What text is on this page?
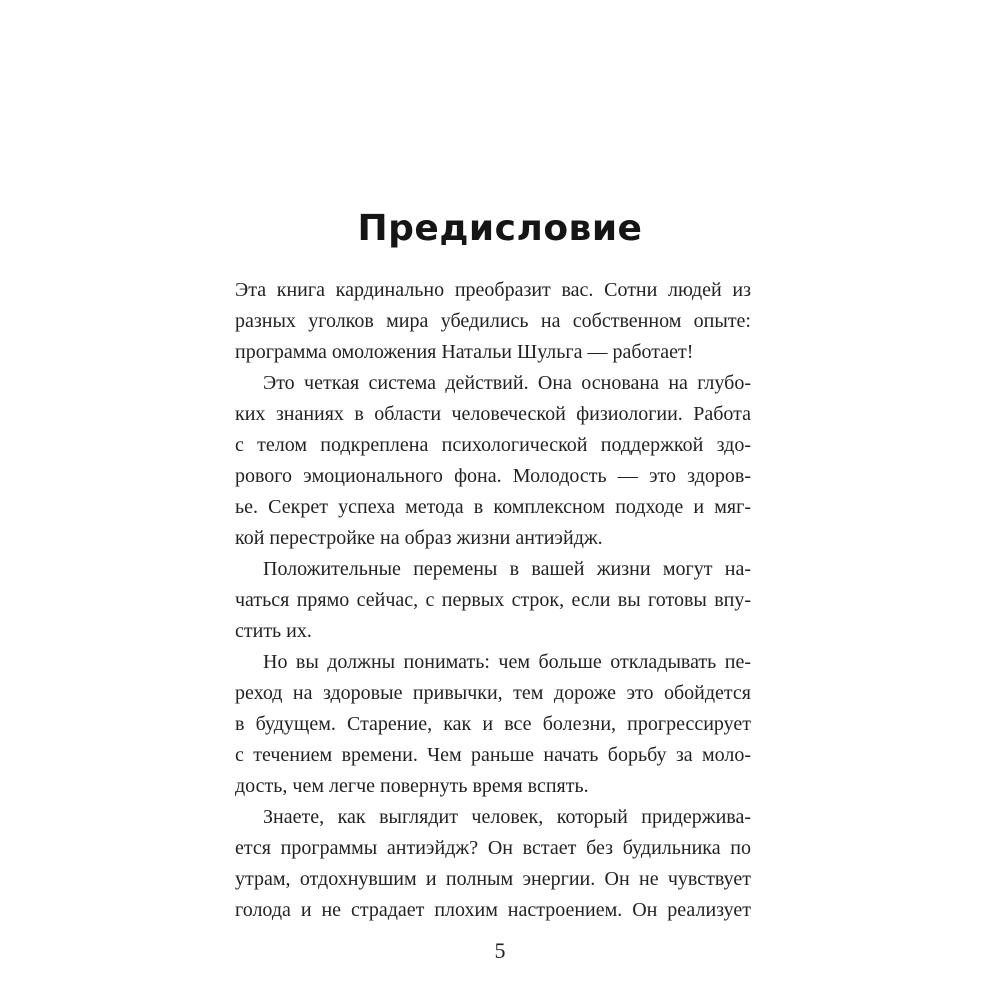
Предисловие
Эта книга кардинально преобразит вас. Сотни людей из
разных уголков мира убедились на собственном опыте:
программа омоложения Натальи Шульга — работает!
Это четкая система действий. Она основана на глубо-
ких знаниях в области человеческой физиологии. Работа
с телом подкреплена психологической поддержкой здо-
рового эмоционального фона. Молодость — это здоров-
ье. Секрет успеха метода в комплексном подходе и мяг-
кой перестройке на образ жизни антиэйдж.
Положительные перемены в вашей жизни могут на-
чаться прямо сейчас, с первых строк, если вы готовы впу-
стить их.
Но вы должны понимать: чем больше откладывать пе-
реход на здоровые привычки, тем дороже это обойдется
в будущем. Старение, как и все болезни, прогрессирует
с течением времени. Чем раньше начать борьбу за моло-
дость, чем легче повернуть время вспять.
Знаете, как выглядит человек, который придержива-
ется программы антиэйдж? Он встает без будильника по
утрам, отдохнувшим и полным энергии. Он не чувствует
голода и не страдает плохим настроением. Он реализует
5
